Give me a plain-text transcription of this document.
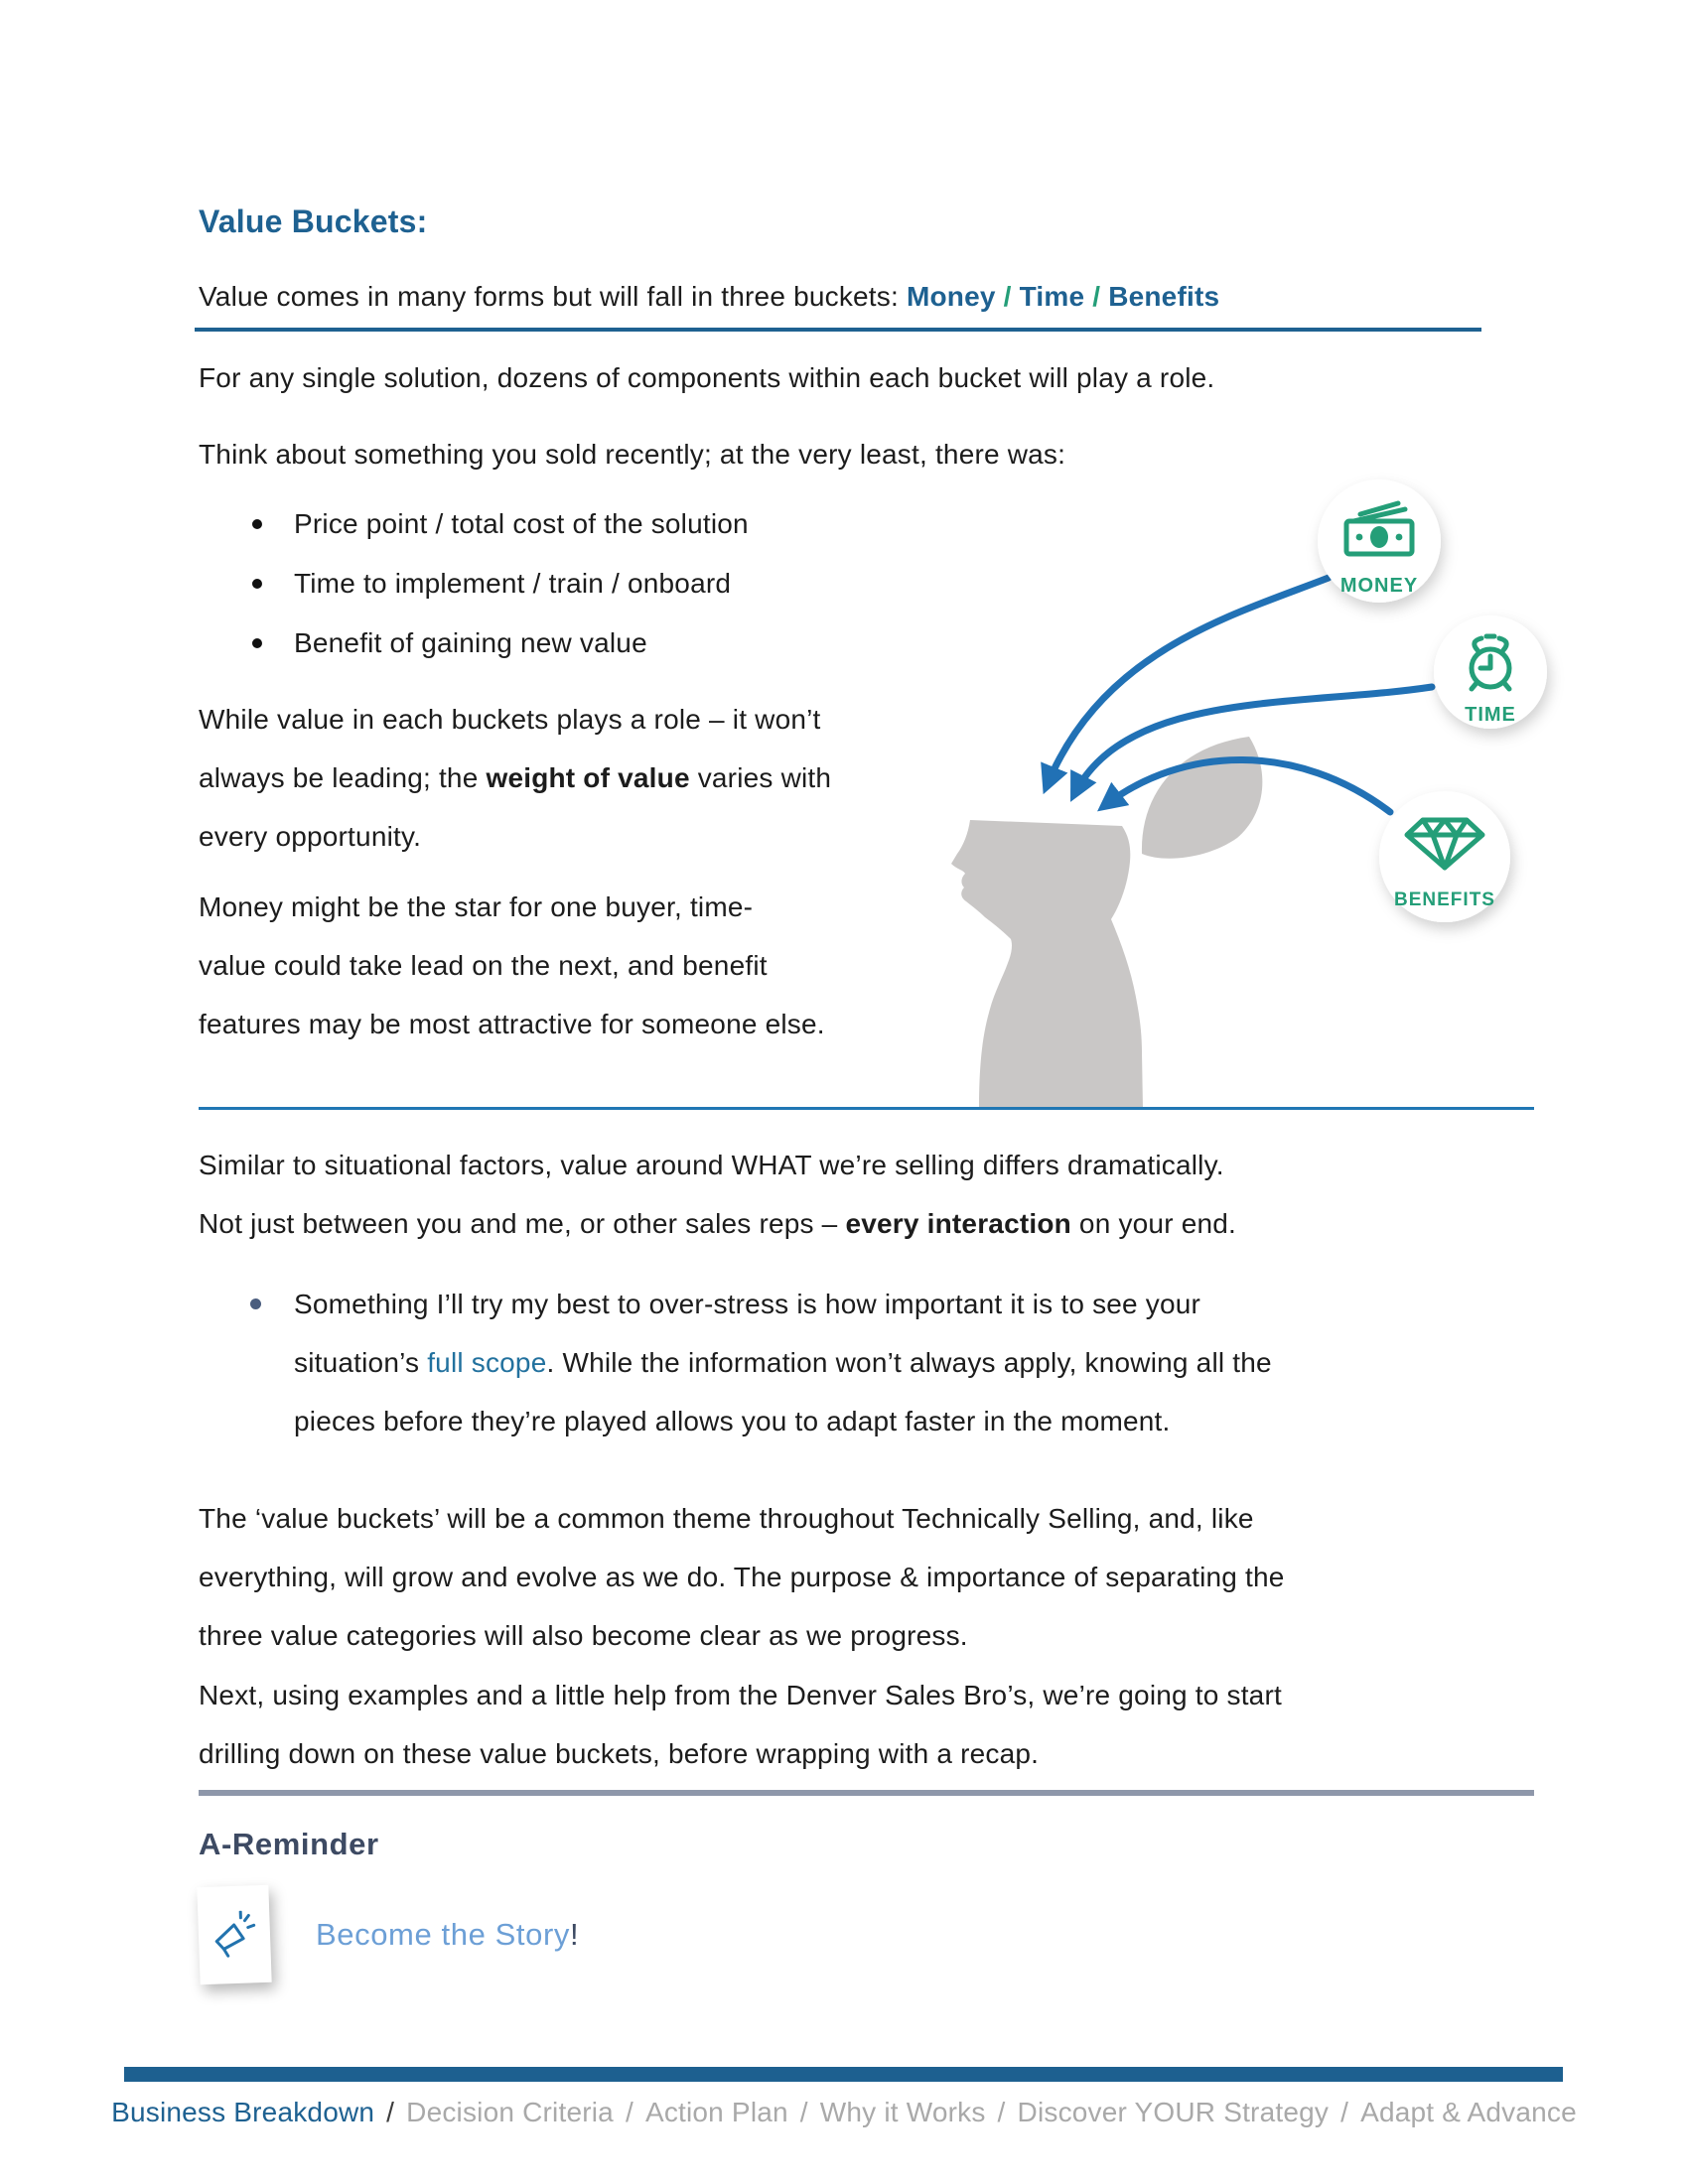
Value Buckets:
Value comes in many forms but will fall in three buckets: Money / Time / Benefits
For any single solution, dozens of components within each bucket will play a role.
Think about something you sold recently; at the very least, there was:
Price point / total cost of the solution
Time to implement / train / onboard
Benefit of gaining new value
While value in each buckets plays a role – it won’t
always be leading; the weight of value varies with
every opportunity.
Money might be the star for one buyer, time-
value could take lead on the next, and benefit
features may be most attractive for someone else.
MONEY
TIME
BENEFITS
Similar to situational factors, value around WHAT we’re selling differs dramatically.
Not just between you and me, or other sales reps – every interaction on your end.
Something I’ll try my best to over-stress is how important it is to see your
situation’s full scope. While the information won’t always apply, knowing all the
pieces before they’re played allows you to adapt faster in the moment.
The ‘value buckets’ will be a common theme throughout Technically Selling, and, like
everything, will grow and evolve as we do. The purpose & importance of separating the
three value categories will also become clear as we progress.
Next, using examples and a little help from the Denver Sales Bro’s, we’re going to start
drilling down on these value buckets, before wrapping with a recap.
A-Reminder
Become the Story!
Business Breakdown / Decision Criteria / Action Plan / Why it Works / Discover YOUR Strategy / Adapt & Advance
